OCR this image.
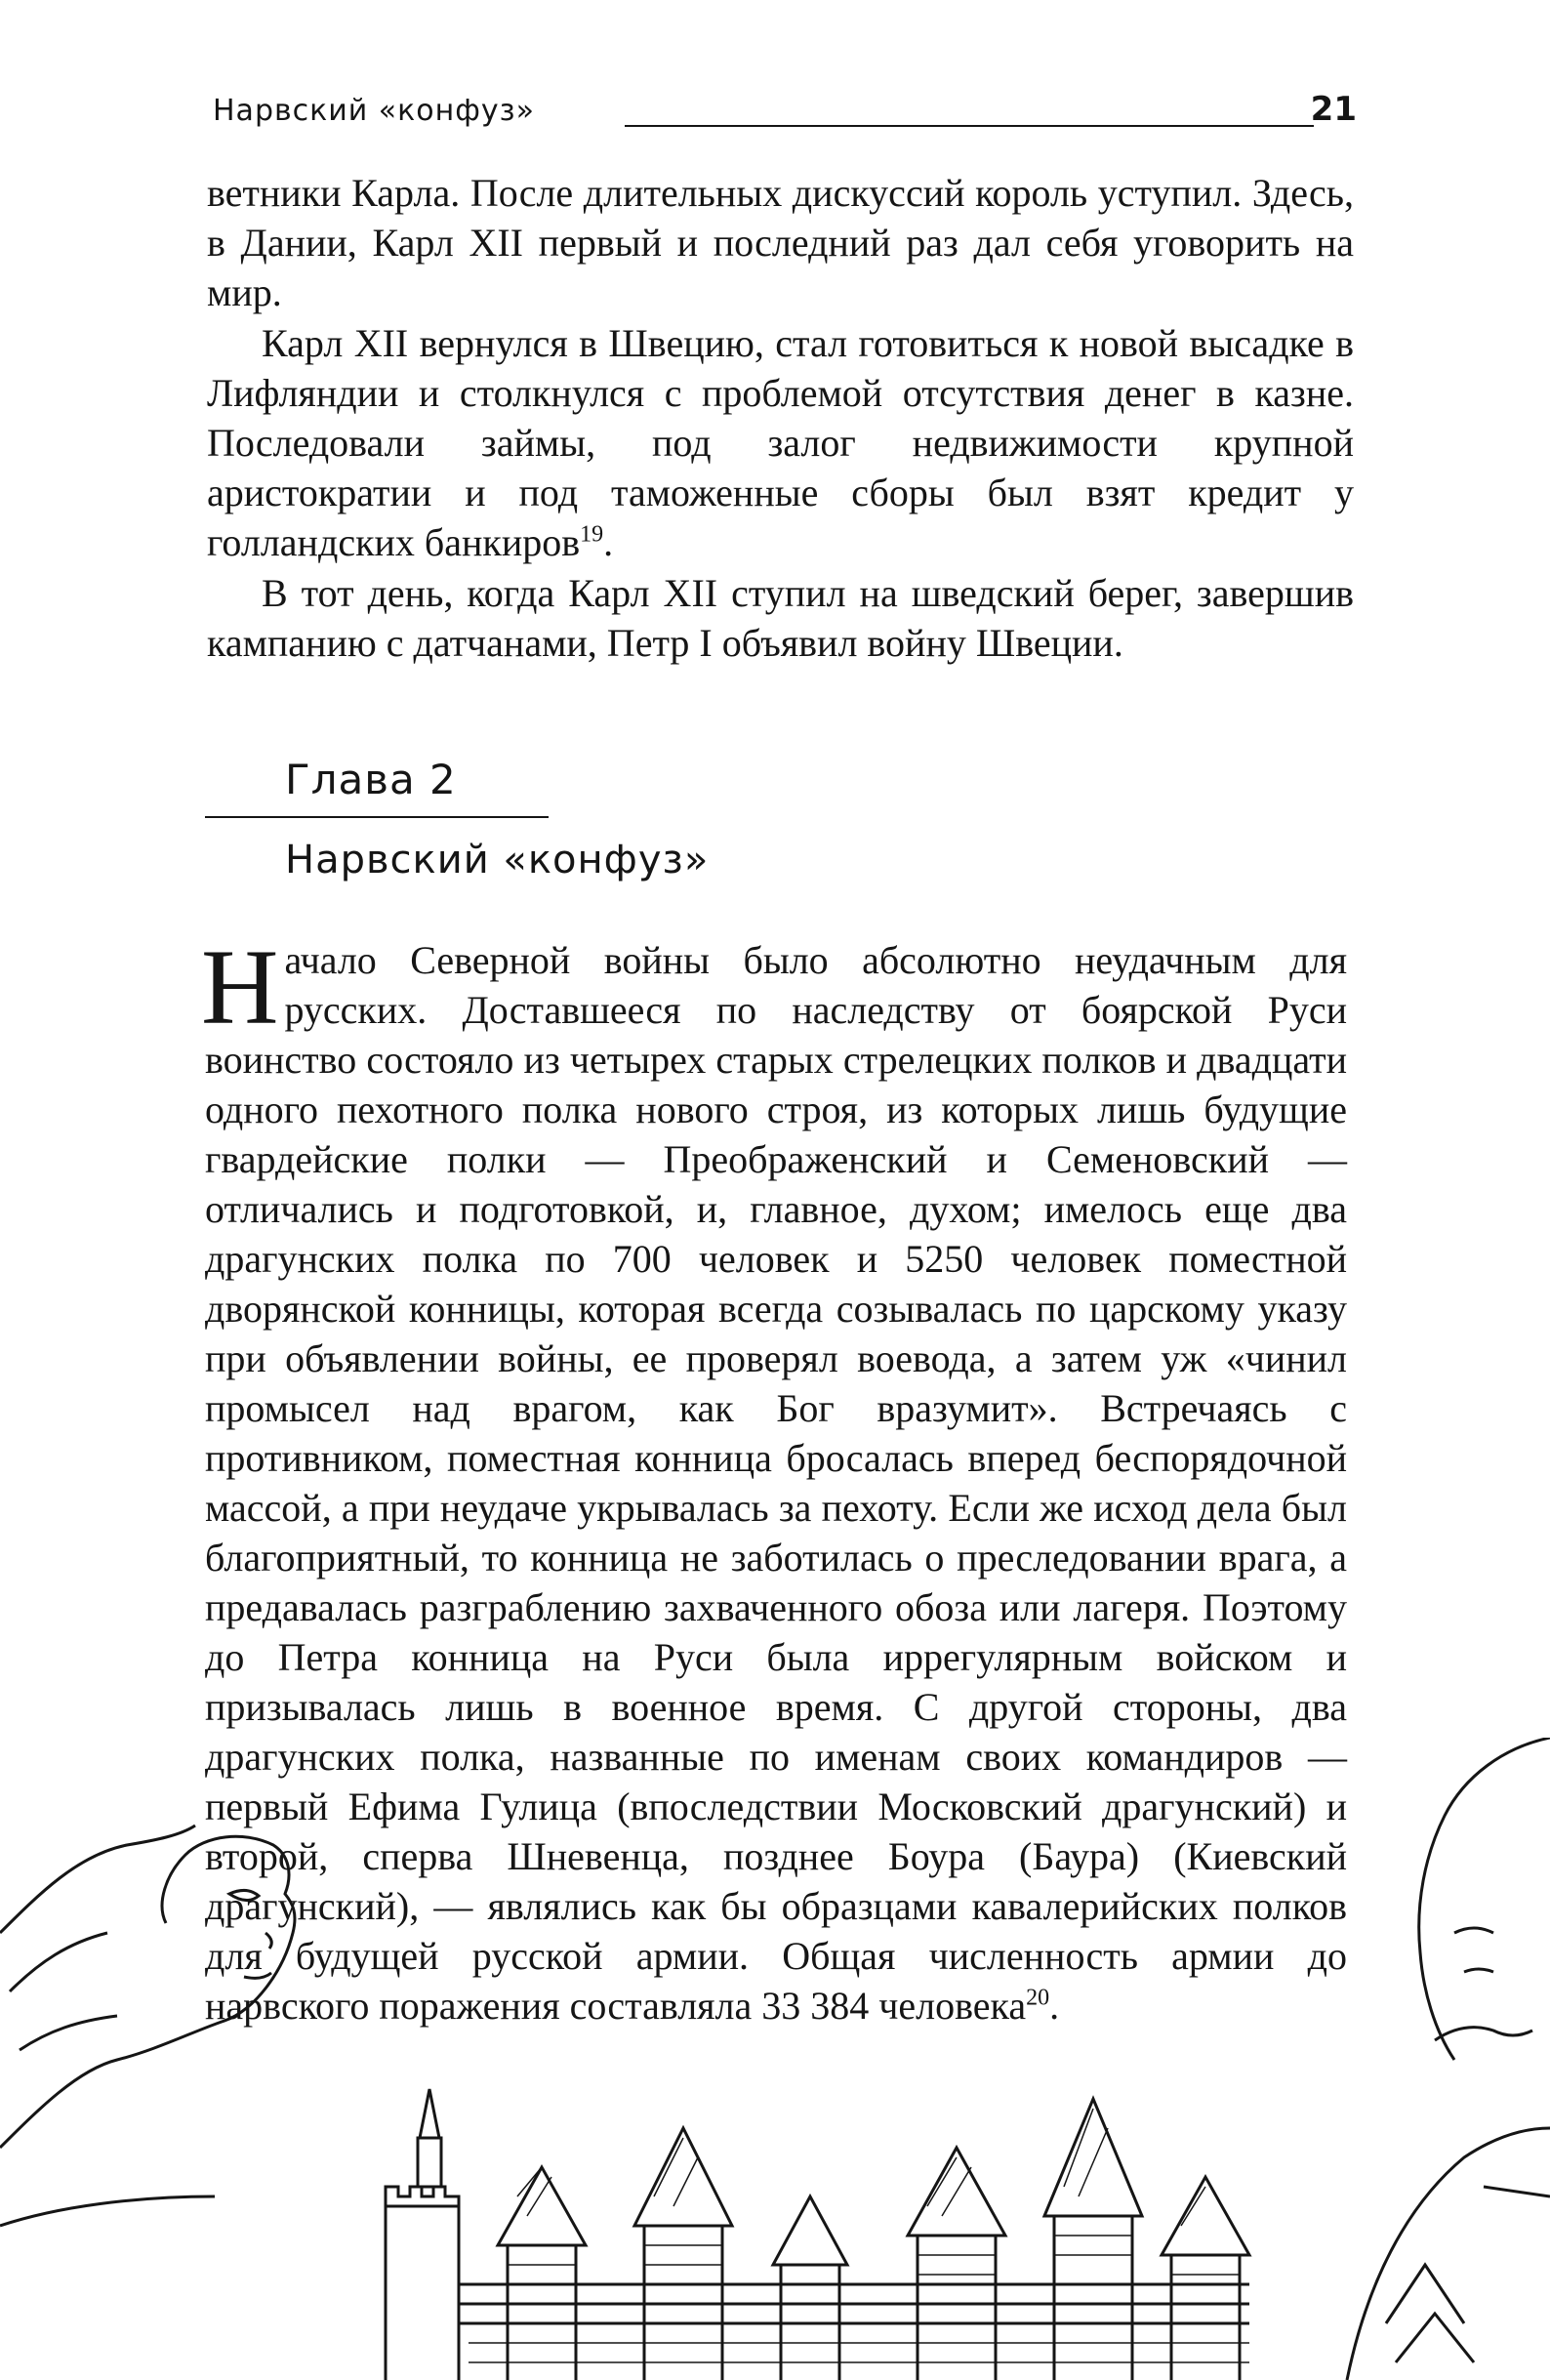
Нарвский «конфуз»	21

ветники Карла. После длительных дискуссий король уступил. Здесь, в Дании, Карл XII первый и последний раз дал себя уговорить на мир.

Карл XII вернулся в Швецию, стал готовиться к новой высадке в Лифляндии и столкнулся с проблемой отсутствия денег в казне. Последовали займы, под залог недвижимости крупной аристократии и под таможенные сборы был взят кредит у голландских банкиров$^{19}$.

В тот день, когда Карл XII ступил на шведский берег, завершив кампанию с датчанами, Петр I объявил войну Швеции.

Глава 2
Нарвский «конфуз»

Начало Северной войны было абсолютно неудачным для русских. Доставшееся по наследству от боярской Руси воинство состояло из четырех старых стрелецких полков и двадцати одного пехотного полка нового строя, из которых лишь будущие гвардейские полки — Преображенский и Семеновский — отличались и подготовкой, и, главное, духом; имелось еще два драгунских полка по 700 человек и 5250 человек поместной дворянской конницы, которая всегда созывалась по царскому указу при объявлении войны, ее проверял воевода, а затем уж «чинил промысел над врагом, как Бог вразумит». Встречаясь с противником, поместная конница бросалась вперед беспорядочной массой, а при неудаче укрывалась за пехоту. Если же исход дела был благоприятный, то конница не заботилась о преследовании врага, а предавалась разграблению захваченного обоза или лагеря. Поэтому до Петра конница на Руси была иррегулярным войском и призывалась лишь в военное время. С другой стороны, два драгунских полка, названные по именам своих командиров — первый Ефима Гулица (впоследствии Московский драгунский) и второй, сперва Шневенца, позднее Боура (Баура) (Киевский драгунский), — являлись как бы образцами кавалерийских полков для будущей русской армии. Общая численность армии до нарвского поражения составляла 33 384 человека$^{20}$.
